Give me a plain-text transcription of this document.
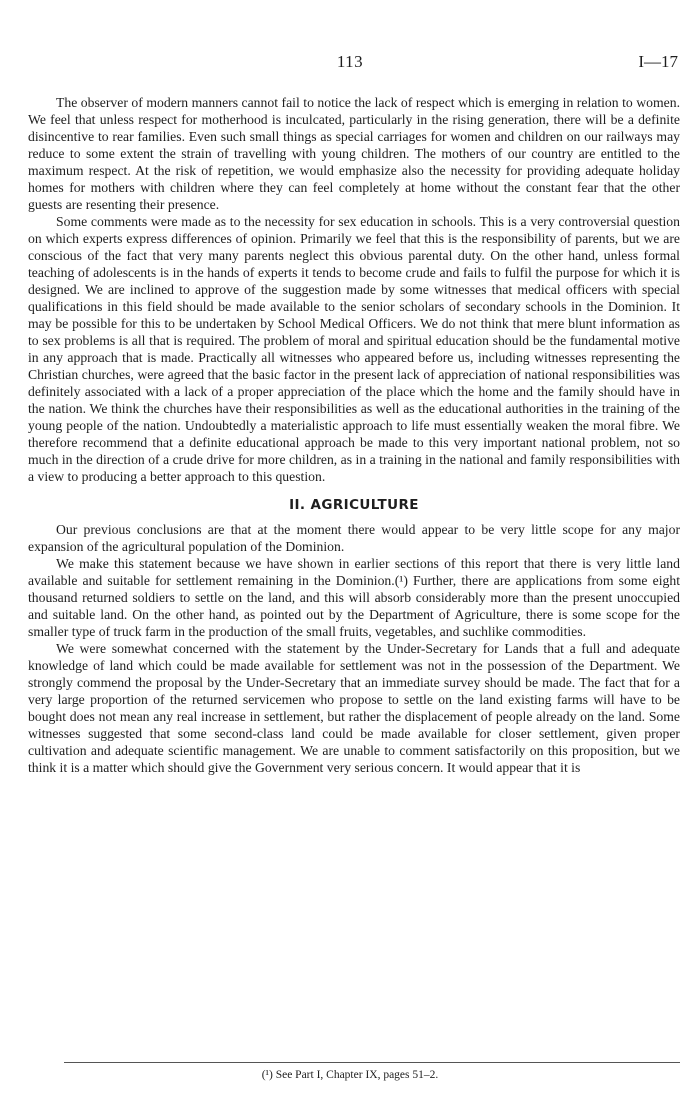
113	I—17

The observer of modern manners cannot fail to notice the lack of respect which is emerging in relation to women. We feel that unless respect for motherhood is inculcated, particularly in the rising generation, there will be a definite disincentive to rear families. Even such small things as special carriages for women and children on our railways may reduce to some extent the strain of travelling with young children. The mothers of our country are entitled to the maximum respect. At the risk of repetition, we would emphasize also the necessity for providing adequate holiday homes for mothers with children where they can feel completely at home without the constant fear that the other guests are resenting their presence.

Some comments were made as to the necessity for sex education in schools. This is a very controversial question on which experts express differences of opinion. Primarily we feel that this is the responsibility of parents, but we are conscious of the fact that very many parents neglect this obvious parental duty. On the other hand, unless formal teaching of adolescents is in the hands of experts it tends to become crude and fails to fulfil the purpose for which it is designed. We are inclined to approve of the suggestion made by some witnesses that medical officers with special qualifications in this field should be made available to the senior scholars of secondary schools in the Dominion. It may be possible for this to be undertaken by School Medical Officers. We do not think that mere blunt information as to sex problems is all that is required. The problem of moral and spiritual education should be the fundamental motive in any approach that is made. Practically all witnesses who appeared before us, including witnesses representing the Christian churches, were agreed that the basic factor in the present lack of appreciation of national responsibilities was definitely associated with a lack of a proper appreciation of the place which the home and the family should have in the nation. We think the churches have their responsibilities as well as the educational authorities in the training of the young people of the nation. Undoubtedly a materialistic approach to life must essentially weaken the moral fibre. We therefore recommend that a definite educational approach be made to this very important national problem, not so much in the direction of a crude drive for more children, as in a training in the national and family responsibilities with a view to producing a better approach to this question.

II. AGRICULTURE

Our previous conclusions are that at the moment there would appear to be very little scope for any major expansion of the agricultural population of the Dominion.

We make this statement because we have shown in earlier sections of this report that there is very little land available and suitable for settlement remaining in the Dominion.(¹) Further, there are applications from some eight thousand returned soldiers to settle on the land, and this will absorb considerably more than the present unoccupied and suitable land. On the other hand, as pointed out by the Department of Agriculture, there is some scope for the smaller type of truck farm in the production of the small fruits, vegetables, and suchlike commodities.

We were somewhat concerned with the statement by the Under-Secretary for Lands that a full and adequate knowledge of land which could be made available for settlement was not in the possession of the Department. We strongly commend the proposal by the Under-Secretary that an immediate survey should be made. The fact that for a very large proportion of the returned servicemen who propose to settle on the land existing farms will have to be bought does not mean any real increase in settlement, but rather the displacement of people already on the land. Some witnesses suggested that some second-class land could be made available for closer settlement, given proper cultivation and adequate scientific management. We are unable to comment satisfactorily on this proposition, but we think it is a matter which should give the Government very serious concern. It would appear that it is

(¹) See Part I, Chapter IX, pages 51–2.
